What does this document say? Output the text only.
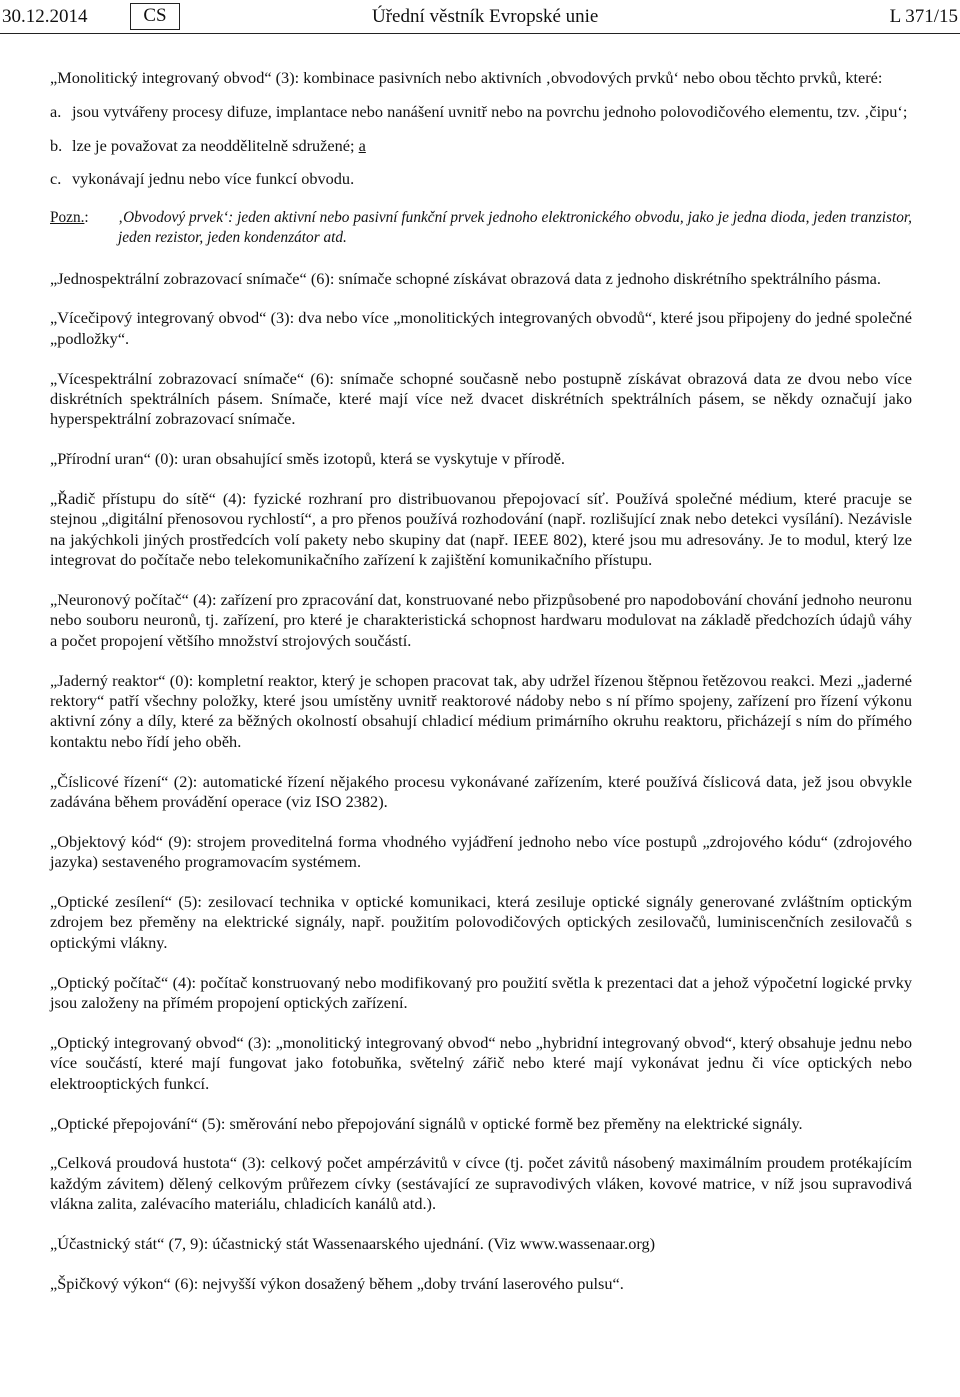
30.12.2014	CS	Úřední věstník Evropské unie	L 371/15

„Monolitický integrovaný obvod“ (3): kombinace pasivních nebo aktivních ‚obvodových prvků‘ nebo obou těchto prvků, které:

a. jsou vytvářeny procesy difuze, implantace nebo nanášení uvnitř nebo na povrchu jednoho polovodičového elementu, tzv. ‚čipu‘;
b. lze je považovat za neoddělitelně sdružené; a
c. vykonávají jednu nebo více funkcí obvodu.
Pozn.:	‚Obvodový prvek‘: jeden aktivní nebo pasivní funkční prvek jednoho elektronického obvodu, jako je jedna dioda, jeden tranzistor, jeden rezistor, jeden kondenzátor atd.

„Jednospektrální zobrazovací snímače“ (6): snímače schopné získávat obrazová data z jednoho diskrétního spektrálního pásma.

„Vícečipový integrovaný obvod“ (3): dva nebo více „monolitických integrovaných obvodů“, které jsou připojeny do jedné společné „podložky“.

„Vícespektrální zobrazovací snímače“ (6): snímače schopné současně nebo postupně získávat obrazová data ze dvou nebo více diskrétních spektrálních pásem. Snímače, které mají více než dvacet diskrétních spektrálních pásem, se někdy označují jako hyperspektrální zobrazovací snímače.

„Přírodní uran“ (0): uran obsahující směs izotopů, která se vyskytuje v přírodě.

„Řadič přístupu do sítě“ (4): fyzické rozhraní pro distribuovanou přepojovací síť. Používá společné médium, které pracuje se stejnou „digitální přenosovou rychlostí“, a pro přenos používá rozhodování (např. rozlišující znak nebo detekci vysílání). Nezávisle na jakýchkoli jiných prostředcích volí pakety nebo skupiny dat (např. IEEE 802), které jsou mu adresovány. Je to modul, který lze integrovat do počítače nebo telekomunikačního zařízení k zajištění komunikačního přístupu.

„Neuronový počítač“ (4): zařízení pro zpracování dat, konstruované nebo přizpůsobené pro napodobování chování jednoho neuronu nebo souboru neuronů, tj. zařízení, pro které je charakteristická schopnost hardwaru modulovat na základě předchozích údajů váhy a počet propojení většího množství strojových součástí.

„Jaderný reaktor“ (0): kompletní reaktor, který je schopen pracovat tak, aby udržel řízenou štěpnou řetězovou reakci. Mezi „jaderné rektory“ patří všechny položky, které jsou umístěny uvnitř reaktorové nádoby nebo s ní přímo spojeny, zařízení pro řízení výkonu aktivní zóny a díly, které za běžných okolností obsahují chladicí médium primárního okruhu reaktoru, přicházejí s ním do přímého kontaktu nebo řídí jeho oběh.

„Číslicové řízení“ (2): automatické řízení nějakého procesu vykonávané zařízením, které používá číslicová data, jež jsou obvykle zadávána během provádění operace (viz ISO 2382).

„Objektový kód“ (9): strojem proveditelná forma vhodného vyjádření jednoho nebo více postupů „zdrojového kódu“ (zdrojového jazyka) sestaveného programovacím systémem.

„Optické zesílení“ (5): zesilovací technika v optické komunikaci, která zesiluje optické signály generované zvláštním optickým zdrojem bez přeměny na elektrické signály, např. použitím polovodičových optických zesilovačů, luminiscenčních zesilovačů s optickými vlákny.

„Optický počítač“ (4): počítač konstruovaný nebo modifikovaný pro použití světla k prezentaci dat a jehož výpočetní logické prvky jsou založeny na přímém propojení optických zařízení.

„Optický integrovaný obvod“ (3): „monolitický integrovaný obvod“ nebo „hybridní integrovaný obvod“, který obsahuje jednu nebo více součástí, které mají fungovat jako fotobuňka, světelný zářič nebo které mají vykonávat jednu či více optických nebo elektrooptických funkcí.

„Optické přepojování“ (5): směrování nebo přepojování signálů v optické formě bez přeměny na elektrické signály.

„Celková proudová hustota“ (3): celkový počet ampérzávitů v cívce (tj. počet závitů násobený maximálním proudem protékajícím každým závitem) dělený celkovým průřezem cívky (sestávající ze supravodivých vláken, kovové matrice, v níž jsou supravodivá vlákna zalita, zalévacího materiálu, chladicích kanálů atd.).

„Účastnický stát“ (7, 9): účastnický stát Wassenaarského ujednání. (Viz www.wassenaar.org)

„Špičkový výkon“ (6): nejvyšší výkon dosažený během „doby trvání laserového pulsu“.
